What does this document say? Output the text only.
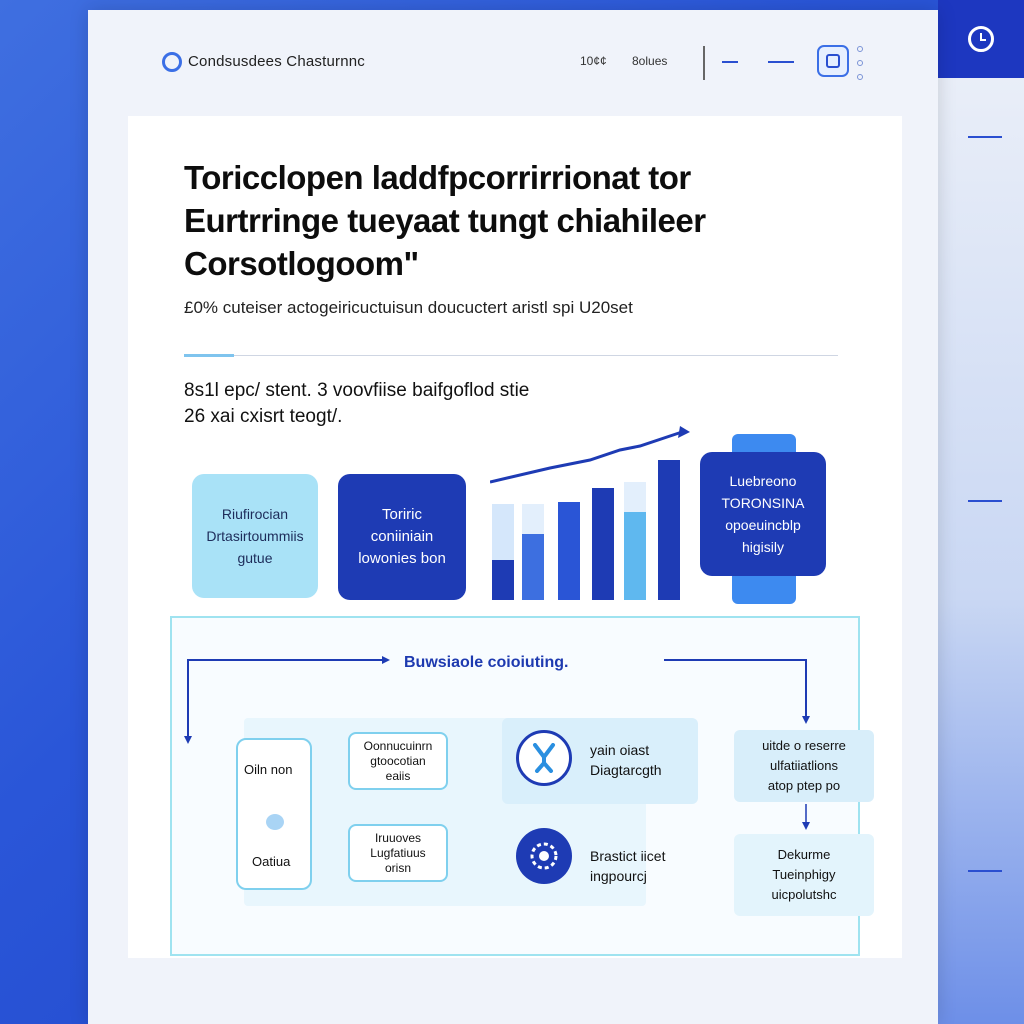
Condsusdees Chasturnnc	10¢¢ 8olues
Toricclopen laddfpcorrirrionat tor
Eurtrringe tueyaat tungt chiahileer
Corsotlogoom"
£0% cuteiser actogeiricuctuisun doucuctert aristl spi U20set
8s1l epc/ stent. 3 voovfiise baifgoflod stie
26 xai cxisrt teogt/.
Riufirocian
Drtasirtoummiis
gutue
Toriric
coniiniain
lowonies bon
Luebreono
TORONSINA
opoeuincblp
higisily
Buwsiaole coioiuting.
Oiln non
Oatiua
Oonnucuinrn
gtoocotian
eaiis
Iruuoves
Lugfatiuus
orisn
yain oiast
Diagtarcgth
Brastict iicet
ingpourcj
uitde o reserre
ulfatiiatlions
atop ptep po
Dekurme
Tueinphigy
uicpolutshc
